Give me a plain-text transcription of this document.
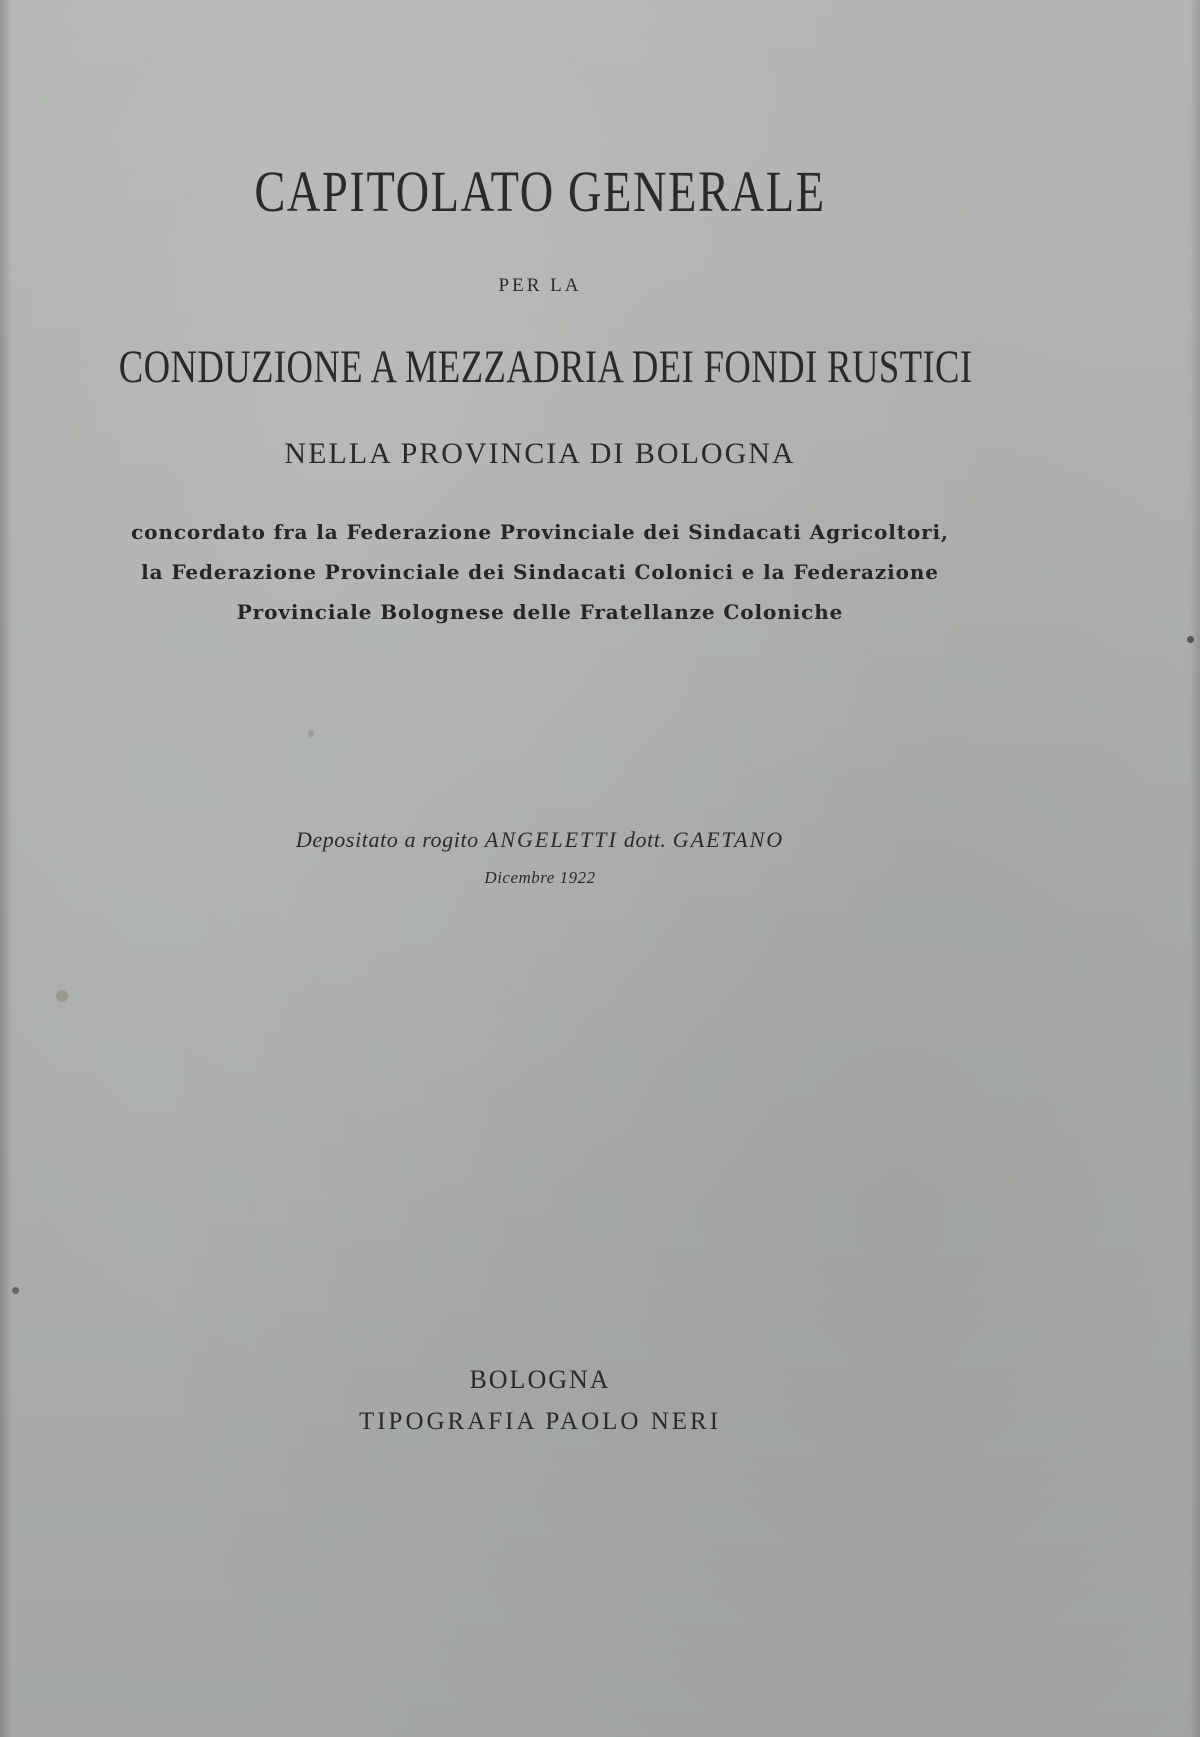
CAPITOLATO GENERALE
PER LA
CONDUZIONE A MEZZADRIA DEI FONDI RUSTICI
NELLA PROVINCIA DI BOLOGNA
concordato fra la Federazione Provinciale dei Sindacati Agricoltori,
la Federazione Provinciale dei Sindacati Colonici e la Federazione
Provinciale Bolognese delle Fratellanze Coloniche
Depositato a rogito ANGELETTI dott. GAETANO
Dicembre 1922
BOLOGNA
TIPOGRAFIA PAOLO NERI
